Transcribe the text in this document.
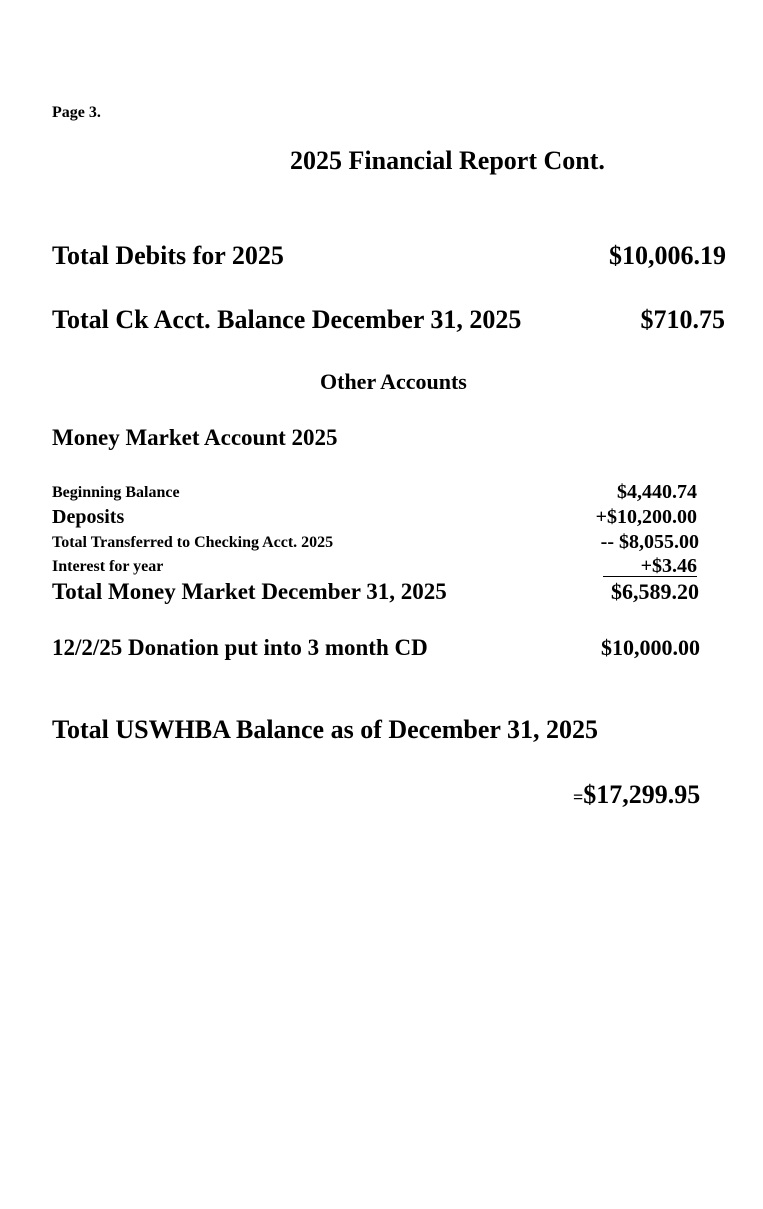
Page 3.
2025 Financial Report Cont.
Total Debits for 2025	$10,006.19
Total Ck Acct. Balance December 31, 2025	$710.75
Other Accounts
Money Market Account 2025
Beginning Balance	$4,440.74
Deposits	+$10,200.00
Total Transferred to Checking Acct. 2025	-- $8,055.00
Interest for year	+$3.46
Total Money Market December 31, 2025	$6,589.20
12/2/25 Donation put into 3 month CD	$10,000.00
Total USWHBA Balance as of December 31, 2025
=$17,299.95
